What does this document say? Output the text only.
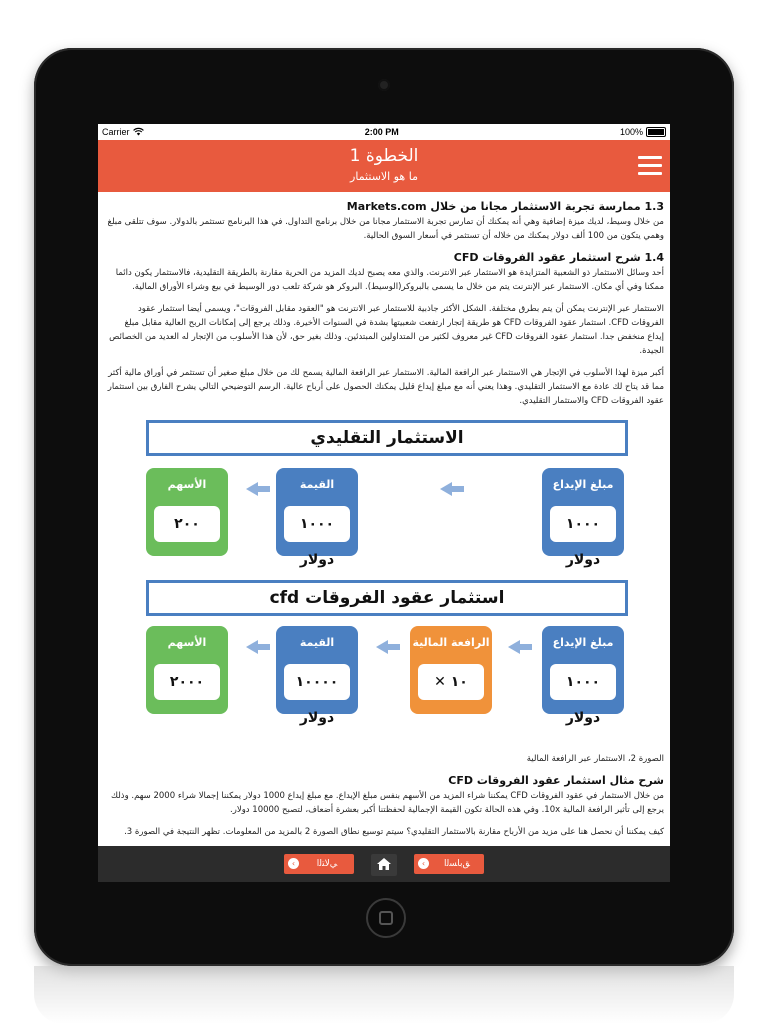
Carrier	2:00 PM	100%
الخطوة 1
ما هو الاستثمار
1.3 ممارسة تجربة الاستثمار مجانا من خلال Markets.com

من خلال وسيط، لديك ميزة إضافية وهي أنه يمكنك أن تمارس تجربة الاستثمار مجانا من خلال برنامج التداول. في هذا البرنامج تستثمر بالدولار. سوف تتلقى مبلغ وهمي يتكون من 100 ألف دولار يمكنك من خلاله أن تستثمر في أسعار السوق الحالية.

1.4 شرح استثمار عقود الفروقات CFD

أحد وسائل الاستثمار ذو الشعبية المتزايدة هو الاستثمار عبر الانترنت. والذي معه يصبح لديك المزيد من الحرية مقارنة بالطريقة التقليدية، فالاستثمار يكون دائما ممكنا وفي أي مكان. الاستثمار عبر الإنترنت يتم من خلال ما يسمى بالبروكر(الوسيط). البروكر هو شركة تلعب دور الوسيط في بيع وشراء الأوراق المالية.

الاستثمار عبر الإنترنت يمكن أن يتم بطرق مختلفة. الشكل الأكثر جاذبية للاستثمار عبر الانترنت هو "العقود مقابل الفروقات"، ويسمى أيضا استثمار عقود الفروقات CFD. استثمار عقود الفروقات CFD هو طريقة إتجار ارتفعت شعبيتها بشدة في السنوات الأخيرة. وذلك يرجع إلى إمكانات الربح العالية مقابل مبلغ إيداع منخفض جدا. استثمار عقود الفروقات CFD غير معروف لكثير من المتداولين المبتدئين. وذلك بغير حق، لأن هذا الأسلوب من الإتجار له العديد من الخصائص الجيدة.

أكبر ميزة لهذا الأسلوب في الإتجار هي الاستثمار عبر الرافعة المالية. الاستثمار عبر الرافعة المالية يسمح لك من خلال مبلغ صغير أن تستثمر في أوراق مالية أكثر مما قد يتاح لك عادة مع الاستثمار التقليدي. وهذا يعني أنه مع مبلغ إيداع قليل يمكنك الحصول على أرباح عالية. الرسم التوضيحي التالي يشرح الفارق بين استثمار عقود الفروقات CFD والاستثمار التقليدي.

الاستثمار التقليدي
مبلغ الإيداع
١٠٠٠ دولار
القيمة
١٠٠٠ دولار
الأسهم
٢٠٠
استثمار عقود الفروقات cfd
مبلغ الإيداع
١٠٠٠ دولار
الرافعة المالية
١٠ ✕
القيمة
١٠٠٠٠ دولار
الأسهم
٢٠٠٠

الصورة 2، الاستثمار عبر الرافعة المالية

شرح مثال استثمار عقود الفروقات CFD

من خلال الاستثمار في عقود الفروقات CFD يمكننا شراء المزيد من الأسهم بنفس مبلغ الإيداع. مع مبلغ إيداع 1000 دولار يمكننا إجمالا شراء 2000 سهم. وذلك يرجع إلى تأثير الرافعة المالية 10x. وفي هذه الحالة تكون القيمة الإجمالية لحفظتنا أكبر بعشرة أضعاف، لتصبح 10000 دولار.

كيف يمكننا أن نحصل هنا على مزيد من الأرباح مقارنة بالاستثمار التقليدي؟ سيتم توسيع نطاق الصورة 2 بالمزيد من المعلومات. تظهر النتيجة في الصورة 3.

‹	ﻲﻟﺎﺘﻟﺍ	‹	ﻖﺑﺎﺴﻟﺍ
